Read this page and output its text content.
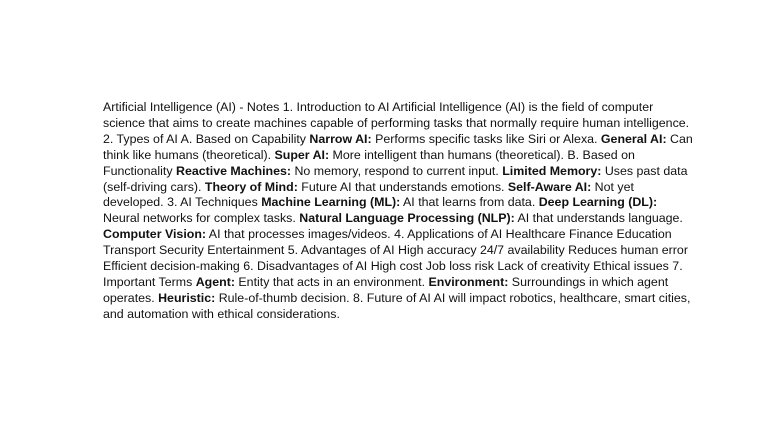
Artificial Intelligence (AI) - Notes 1. Introduction to AI Artificial Intelligence (AI) is the field of computer science that aims to create machines capable of performing tasks that normally require human intelligence. 2. Types of AI A. Based on Capability Narrow AI: Performs specific tasks like Siri or Alexa. General AI: Can think like humans (theoretical). Super AI: More intelligent than humans (theoretical). B. Based on Functionality Reactive Machines: No memory, respond to current input. Limited Memory: Uses past data (self-driving cars). Theory of Mind: Future AI that understands emotions. Self-Aware AI: Not yet developed. 3. AI Techniques Machine Learning (ML): AI that learns from data. Deep Learning (DL): Neural networks for complex tasks. Natural Language Processing (NLP): AI that understands language. Computer Vision: AI that processes images/videos. 4. Applications of AI Healthcare Finance Education Transport Security Entertainment 5. Advantages of AI High accuracy 24/7 availability Reduces human error Efficient decision-making 6. Disadvantages of AI High cost Job loss risk Lack of creativity Ethical issues 7. Important Terms Agent: Entity that acts in an environment. Environment: Surroundings in which agent operates. Heuristic: Rule-of-thumb decision. 8. Future of AI AI will impact robotics, healthcare, smart cities, and automation with ethical considerations.
